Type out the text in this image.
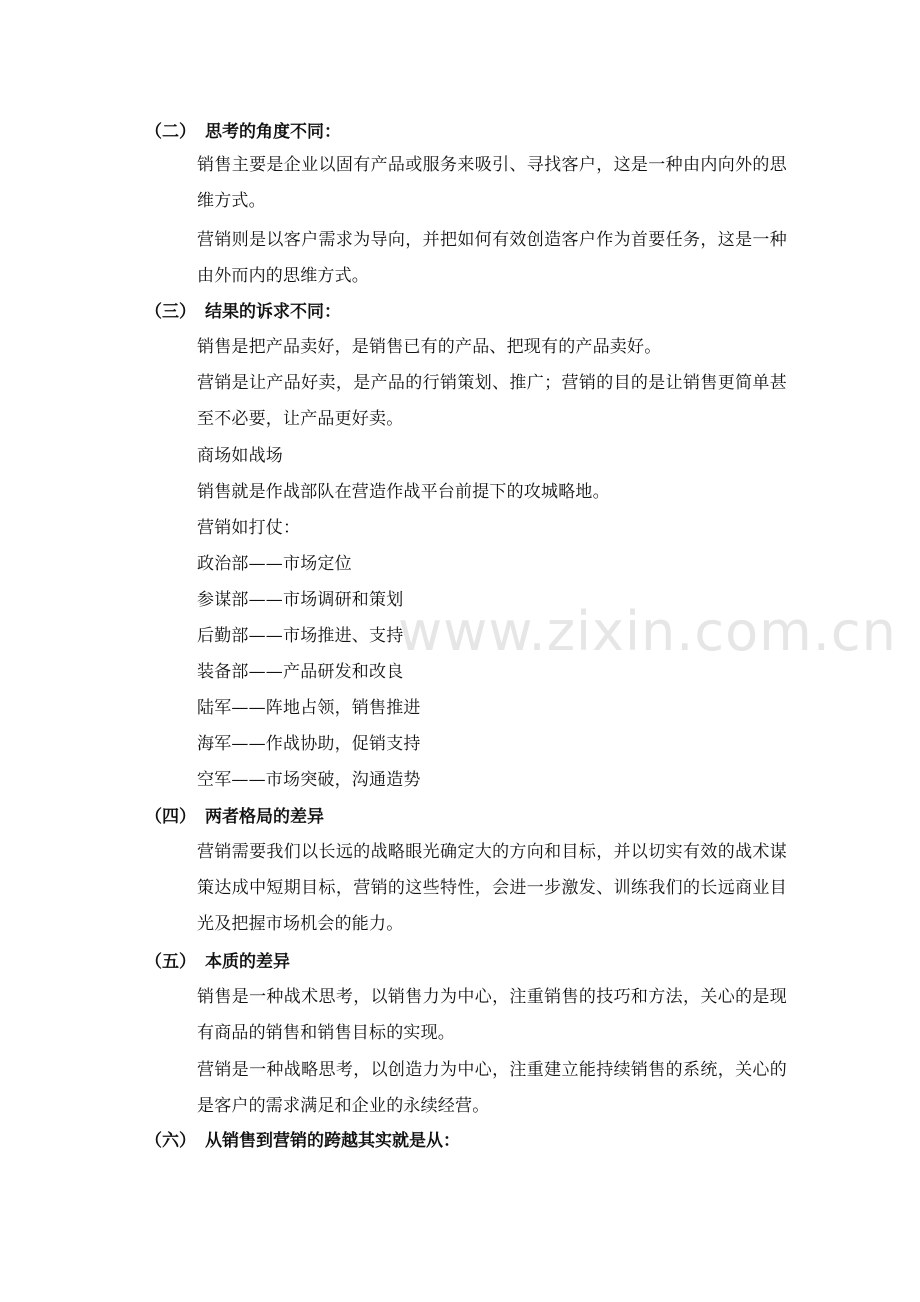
（二） 思考的角度不同：
销售主要是企业以固有产品或服务来吸引、寻找客户，这是一种由内向外的思维方式。
营销则是以客户需求为导向，并把如何有效创造客户作为首要任务，这是一种由外而内的思维方式。
（三） 结果的诉求不同：
销售是把产品卖好，是销售已有的产品、把现有的产品卖好。
营销是让产品好卖，是产品的行销策划、推广；营销的目的是让销售更简单甚至不必要，让产品更好卖。
商场如战场
销售就是作战部队在营造作战平台前提下的攻城略地。
营销如打仗：
政治部——市场定位
参谋部——市场调研和策划
后勤部——市场推进、支持
装备部——产品研发和改良
陆军——阵地占领，销售推进
海军——作战协助，促销支持
空军——市场突破，沟通造势
（四） 两者格局的差异
营销需要我们以长远的战略眼光确定大的方向和目标，并以切实有效的战术谋策达成中短期目标，营销的这些特性，会进一步激发、训练我们的长远商业目光及把握市场机会的能力。
（五） 本质的差异
销售是一种战术思考，以销售力为中心，注重销售的技巧和方法，关心的是现有商品的销售和销售目标的实现。
营销是一种战略思考，以创造力为中心，注重建立能持续销售的系统，关心的是客户的需求满足和企业的永续经营。
（六） 从销售到营销的跨越其实就是从：
www.zixin.com.cn
